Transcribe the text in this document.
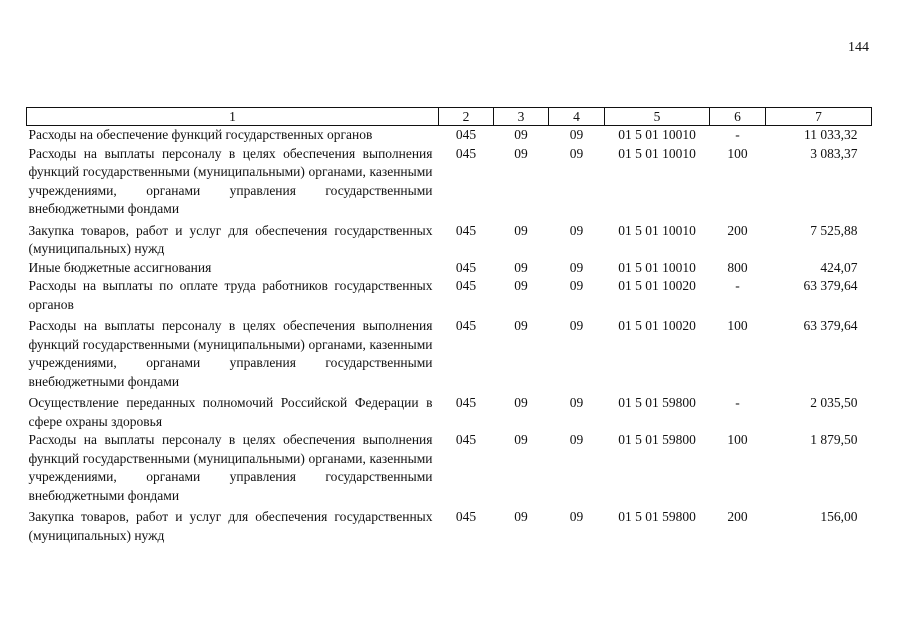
144
1	2	3	4	5	6	7
Расходы на обеспечение функций государственных органов	045	09	09	01 5 01 10010	-	11 033,32
Расходы на выплаты персоналу в целях обеспечения выполнения функций государственными (муниципальными) органами, казенными учреждениями, органами управления государственными внебюджетными фондами	045	09	09	01 5 01 10010	100	3 083,37
Закупка товаров, работ и услуг для обеспечения государственных (муниципальных) нужд	045	09	09	01 5 01 10010	200	7 525,88
Иные бюджетные ассигнования	045	09	09	01 5 01 10010	800	424,07
Расходы на выплаты по оплате труда работников государственных органов	045	09	09	01 5 01 10020	-	63 379,64
Расходы на выплаты персоналу в целях обеспечения выполнения функций государственными (муниципальными) органами, казенными учреждениями, органами управления государственными внебюджетными фондами	045	09	09	01 5 01 10020	100	63 379,64
Осуществление переданных полномочий Российской Федерации в сфере охраны здоровья	045	09	09	01 5 01 59800	-	2 035,50
Расходы на выплаты персоналу в целях обеспечения выполнения функций государственными (муниципальными) органами, казенными учреждениями, органами управления государственными внебюджетными фондами	045	09	09	01 5 01 59800	100	1 879,50
Закупка товаров, работ и услуг для обеспечения государственных (муниципальных) нужд	045	09	09	01 5 01 59800	200	156,00
